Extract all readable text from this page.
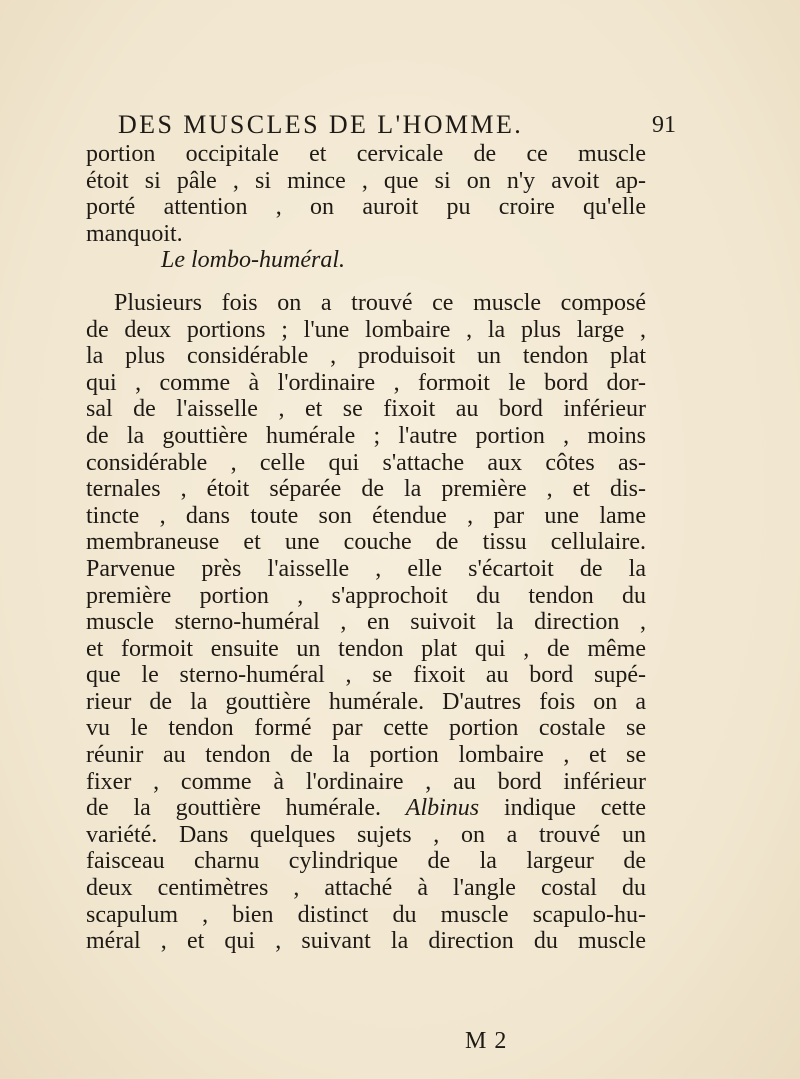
DES MUSCLES DE L'HOMME.	91
portion occipitale et cervicale de ce muscle
étoit si pâle , si mince , que si on n'y avoit ap-
porté attention , on auroit pu croire qu'elle
manquoit.
Le lombo-huméral.
Plusieurs fois on a trouvé ce muscle composé
de deux portions ; l'une lombaire , la plus large ,
la plus considérable , produisoit un tendon plat
qui , comme à l'ordinaire , formoit le bord dor-
sal de l'aisselle , et se fixoit au bord inférieur
de la gouttière humérale ; l'autre portion , moins
considérable , celle qui s'attache aux côtes as-
ternales , étoit séparée de la première , et dis-
tincte , dans toute son étendue , par une lame
membraneuse et une couche de tissu cellulaire.
Parvenue près l'aisselle , elle s'écartoit de la
première portion , s'approchoit du tendon du
muscle sterno-huméral , en suivoit la direction ,
et formoit ensuite un tendon plat qui , de même
que le sterno-huméral , se fixoit au bord supé-
rieur de la gouttière humérale. D'autres fois on a
vu le tendon formé par cette portion costale se
réunir au tendon de la portion lombaire , et se
fixer , comme à l'ordinaire , au bord inférieur
de la gouttière humérale. Albinus indique cette
variété. Dans quelques sujets , on a trouvé un
faisceau charnu cylindrique de la largeur de
deux centimètres , attaché à l'angle costal du
scapulum , bien distinct du muscle scapulo-hu-
méral , et qui , suivant la direction du muscle
M 2
